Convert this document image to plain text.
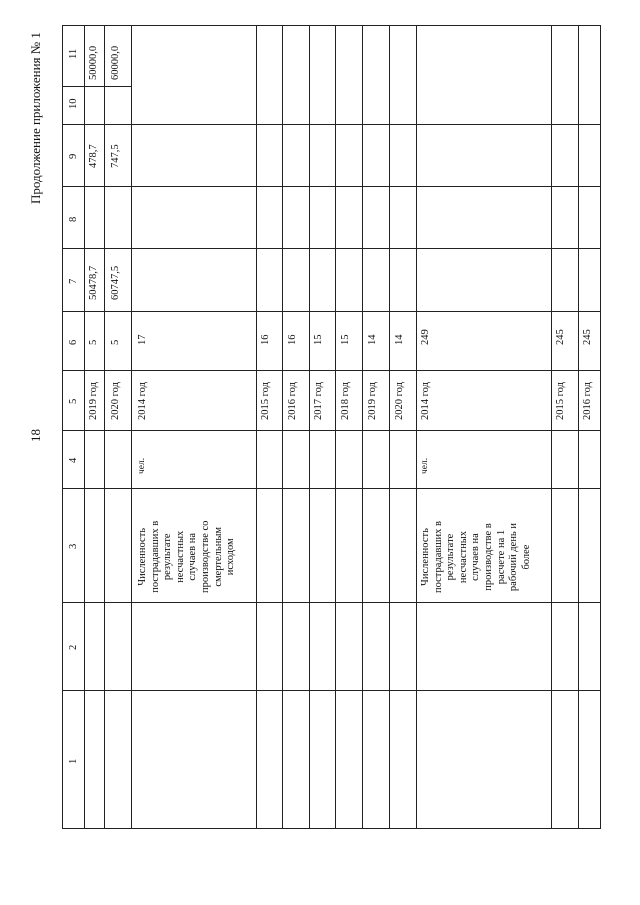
18
Продолжение приложения № 1
1
2
3
4
5
6
7
8
9
10
11
2019 год
5
50478,7
478,7
50000,0
2020 год
5
60747,5
747,5
60000,0
2014 год
17
чел.
Численность
пострадавших в
результате
несчастных
случаев на
производстве со
смертельным
исходом
2015 год
16
2016 год
16
2017 год
15
2018 год
15
2019 год
14
2020 год
14
2014 год
249
чел.
Численность
пострадавших в
результате
несчастных
случаев на
производстве в
расчете на 1
рабочий день и
более
2015 год
245
2016 год
245
